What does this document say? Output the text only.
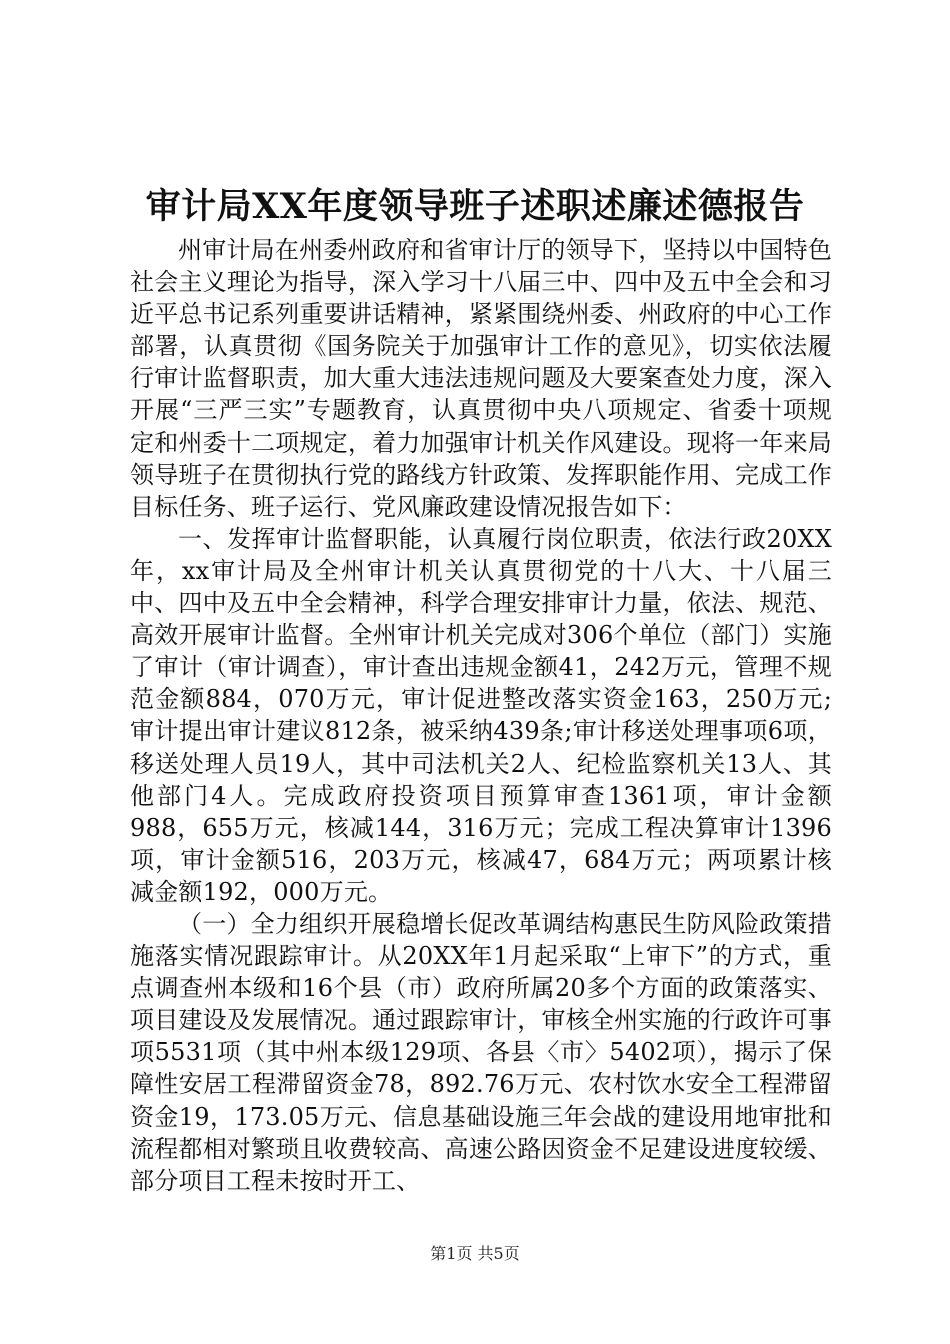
审计局XX年度领导班子述职述廉述德报告

州审计局在州委州政府和省审计厅的领导下，坚持以中国特色社会主义理论为指导，深入学习十八届三中、四中及五中全会和习近平总书记系列重要讲话精神，紧紧围绕州委、州政府的中心工作部署，认真贯彻《国务院关于加强审计工作的意见》，切实依法履行审计监督职责，加大重大违法违规问题及大要案查处力度，深入开展“三严三实”专题教育，认真贯彻中央八项规定、省委十项规定和州委十二项规定，着力加强审计机关作风建设。现将一年来局领导班子在贯彻执行党的路线方针政策、发挥职能作用、完成工作目标任务、班子运行、党风廉政建设情况报告如下：

一、发挥审计监督职能，认真履行岗位职责，依法行政20XX年，xx审计局及全州审计机关认真贯彻党的十八大、十八届三中、四中及五中全会精神，科学合理安排审计力量，依法、规范、高效开展审计监督。全州审计机关完成对306个单位（部门）实施了审计（审计调查），审计查出违规金额41，242万元，管理不规范金额884，070万元，审计促进整改落实资金163，250万元;审计提出审计建议812条，被采纳439条;审计移送处理事项6项，移送处理人员19人，其中司法机关2人、纪检监察机关13人、其他部门4人。完成政府投资项目预算审查1361项，审计金额988，655万元，核减144，316万元；完成工程决算审计1396项，审计金额516，203万元，核减47，684万元；两项累计核减金额192，000万元。

（一）全力组织开展稳增长促改革调结构惠民生防风险政策措施落实情况跟踪审计。从20XX年1月起采取“上审下”的方式，重点调查州本级和16个县（市）政府所属20多个方面的政策落实、项目建设及发展情况。通过跟踪审计，审核全州实施的行政许可事项5531项（其中州本级129项、各县〈市〉5402项），揭示了保障性安居工程滞留资金78，892.76万元、农村饮水安全工程滞留资金19，173.05万元、信息基础设施三年会战的建设用地审批和流程都相对繁琐且收费较高、高速公路因资金不足建设进度较缓、部分项目工程未按时开工、

第1页 共5页
